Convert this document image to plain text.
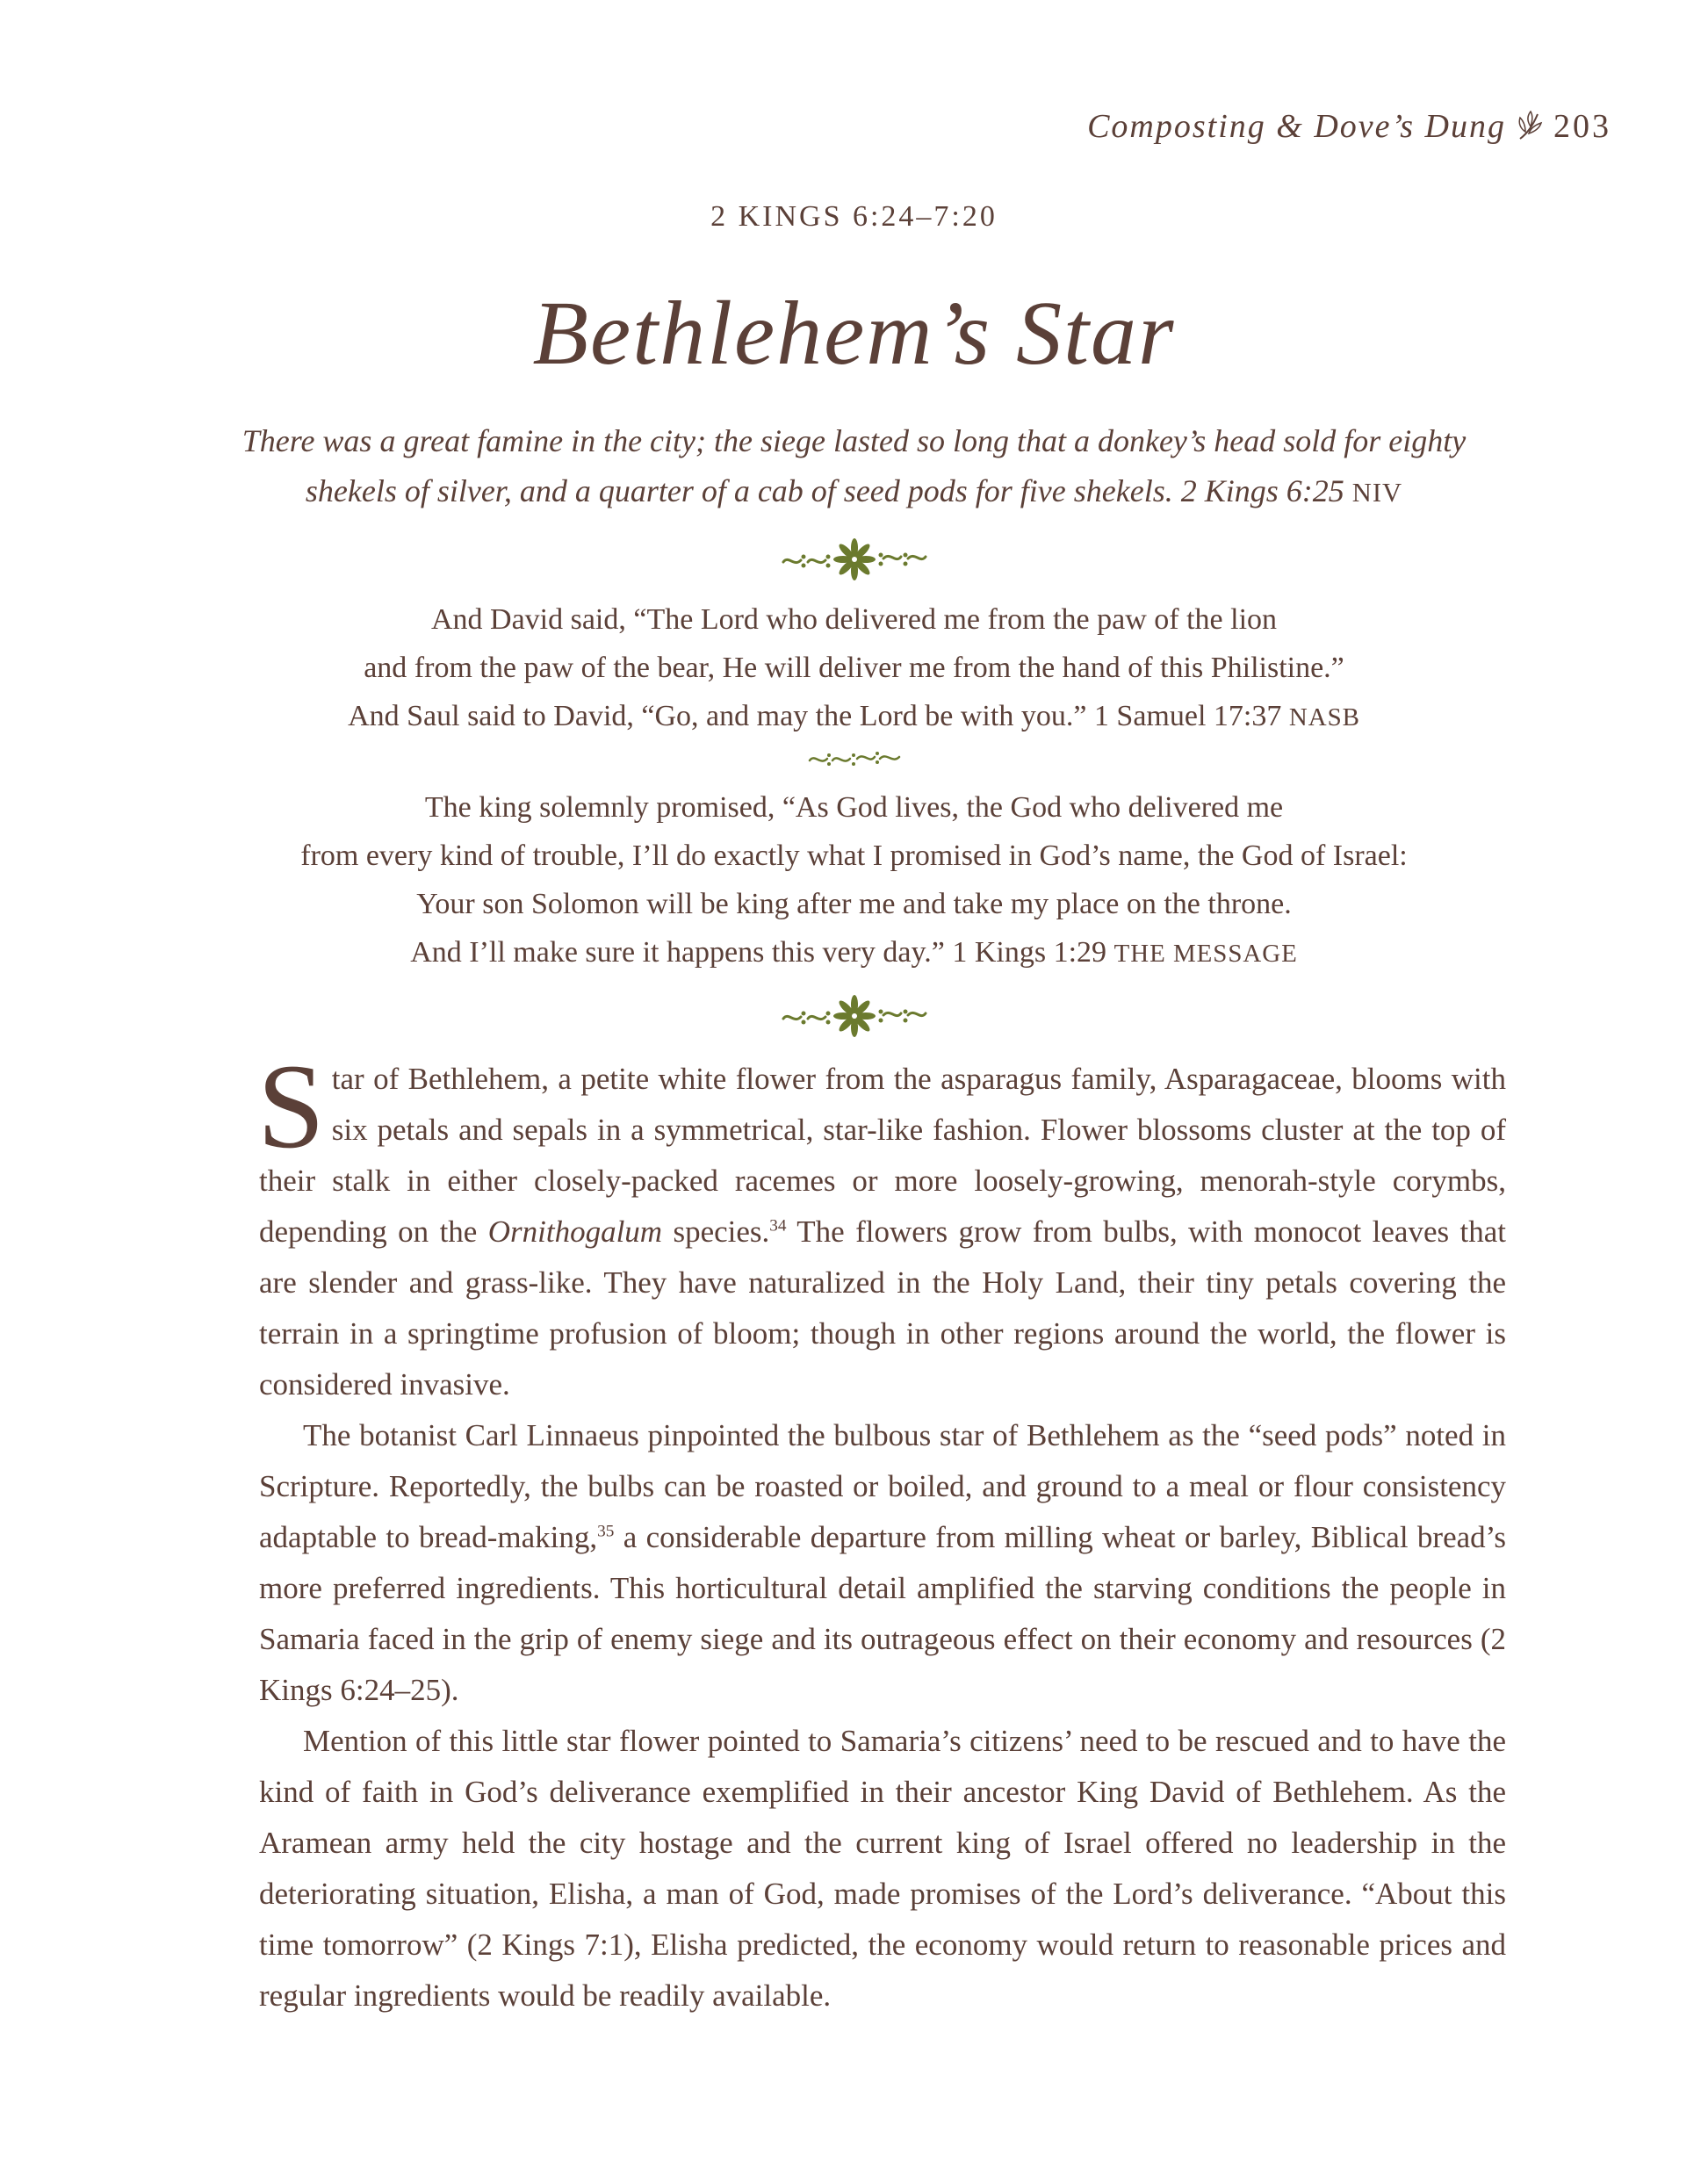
Composting & Dove’s Dung 203
2 KINGS 6:24–7:20
Bethlehem’s Star
There was a great famine in the city; the siege lasted so long that a donkey’s head sold for eighty shekels of silver, and a quarter of a cab of seed pods for five shekels. 2 Kings 6:25 NIV
And David said, “The Lord who delivered me from the paw of the lion
and from the paw of the bear, He will deliver me from the hand of this Philistine.”
And Saul said to David, “Go, and may the Lord be with you.” 1 Samuel 17:37 NASB
The king solemnly promised, “As God lives, the God who delivered me
from every kind of trouble, I’ll do exactly what I promised in God’s name, the God of Israel:
Your son Solomon will be king after me and take my place on the throne.
And I’ll make sure it happens this very day.” 1 Kings 1:29 THE MESSAGE

Star of Bethlehem, a petite white flower from the asparagus family, Asparagaceae, blooms with six petals and sepals in a symmetrical, star-like fashion. Flower blossoms cluster at the top of their stalk in either closely-packed racemes or more loosely-growing, menorah-style corymbs, depending on the Ornithogalum species.$^{34}$ The flowers grow from bulbs, with monocot leaves that are slender and grass-like. They have naturalized in the Holy Land, their tiny petals covering the terrain in a springtime profusion of bloom; though in other regions around the world, the flower is considered invasive.

The botanist Carl Linnaeus pinpointed the bulbous star of Bethlehem as the “seed pods” noted in Scripture. Reportedly, the bulbs can be roasted or boiled, and ground to a meal or flour consistency adaptable to bread-making,$^{35}$ a considerable departure from milling wheat or barley, Biblical bread’s more preferred ingredients. This horticultural detail amplified the starving conditions the people in Samaria faced in the grip of enemy siege and its outrageous effect on their economy and resources (2 Kings 6:24–25).

Mention of this little star flower pointed to Samaria’s citizens’ need to be rescued and to have the kind of faith in God’s deliverance exemplified in their ancestor King David of Bethlehem. As the Aramean army held the city hostage and the current king of Israel offered no leadership in the deteriorating situation, Elisha, a man of God, made promises of the Lord’s deliverance. “About this time tomorrow” (2 Kings 7:1), Elisha predicted, the economy would return to reasonable prices and regular ingredients would be readily available.
